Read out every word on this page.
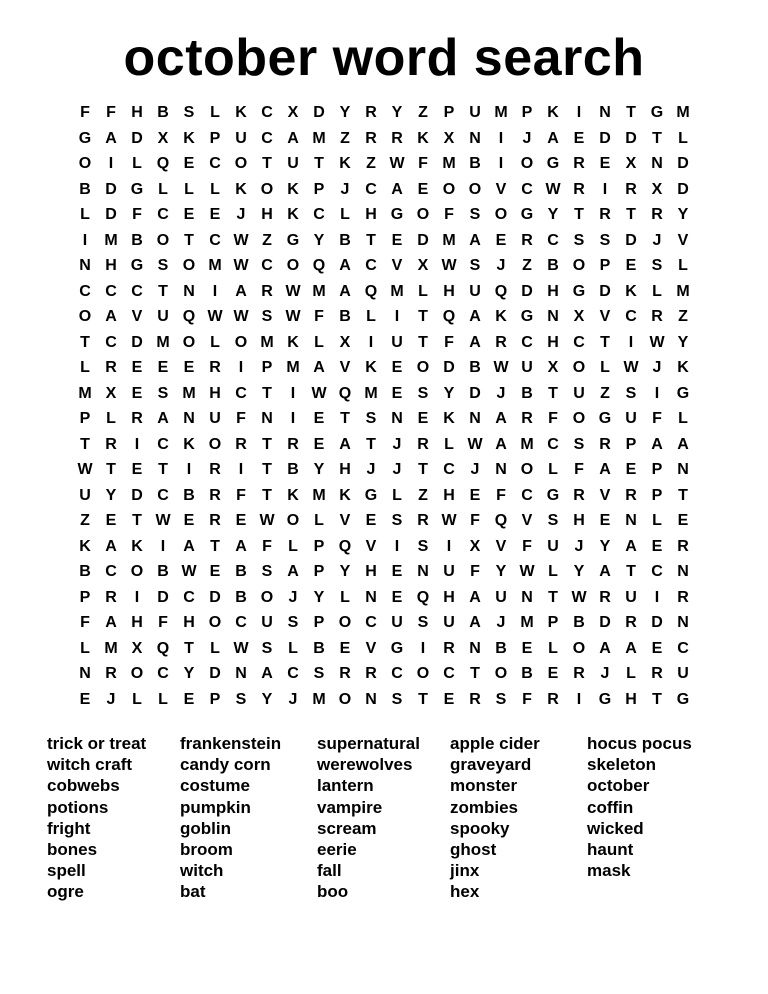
october word search
F	F H B S L K C X D Y R Y Z P U M P K	I	N T G M
G A D X K P U C A M Z R R K X N	I	J A E D D T	L
O	I	L Q E C O T U T K Z W F M B	I	O G R E X N D
B D G L	L	L K O K P	J C A E O O V C W R	I	R X D
L D F C E E	J H K C L H G O F S O G Y T R T R Y
I	M B O T C W Z G Y B T E D M A E R C S S D J	V
N H G S O M W C O Q A C V X W S	J	Z B O P E S L
C C C T N	I	A R W M A Q M L H U Q D H G D K L M
O A V U Q W W S W F B L	I	T Q A K G N X V C R Z
T C D M O L O M K L X	I	U T	F A R C H C T	I	W Y
L R E E E R	I	P M A V K E O D B W U X O L W J K
M X E S M H C T	I	W Q M E S Y D J B T U Z S	I	G
P L R A N U F N	I	E T S N E K N A R F O G U F	L
T R	I	C K O R T R E A T	J R L W A M C S R P A A
W T E T	I	R	I	T B Y H J	J	T C J N O L	F A E P N
U Y D C B R F	T K M K G L	Z H E F C G R V R P T
Z E T W E R E W O L V E S R W F Q V S H E N L E
K A K	I	A T A F	L P Q V	I	S	I	X V F U J	Y A E R
B C O B W E B S A P Y H E N U F Y W L Y A T C N
P R	I	D C D B O J	Y L N E Q H A U N T W R U	I	R
F A H F H O C U S P O C U S U A J M P B D R D N
L M X Q T	L W S L B E V G	I	R N B E L O A A E C
N R O C Y D N A C S R R C O C T O B E R J	L R U
E	J	L	L E P S Y	J M O N S T E R S F R	I	G H T G
trick or treat
witch craft
cobwebs
potions
fright
bones
spell
ogre
frankenstein
candy corn
costume
pumpkin
goblin
broom
witch
bat
supernatural
werewolves
lantern
vampire
scream
eerie
fall
boo
apple cider
graveyard
monster
zombies
spooky
ghost
jinx
hex
hocus pocus
skeleton
october
coffin
wicked
haunt
mask
